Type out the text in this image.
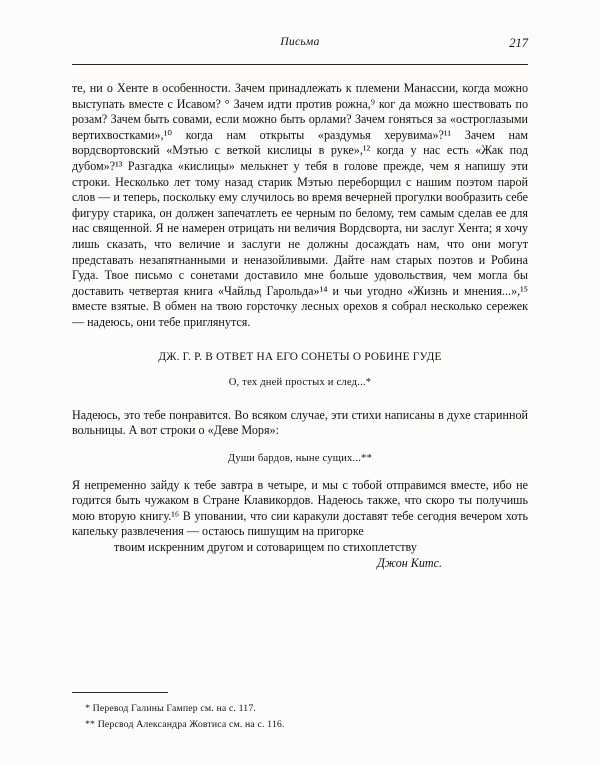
Письма	217

те, ни о Хенте в особенности. Зачем принадлежать к племени Манассии, когда можно выступать вместе с Исавом? ° Зачем идти против рожна,⁹ ког да можно шествовать по розам? Зачем быть совами, если можно быть орлами? Зачем гоняться за «остроглазыми вертихвостками»,¹⁰ когда нам открыты «раздумья херувима»?¹¹ Зачем нам вордсвортовский «Мэтью с веткой кислицы в руке»,¹² когда у нас есть «Жак под дубом»?¹³ Разгадка «кислицы» мелькнет у тебя в голове прежде, чем я напишу эти строки. Несколько лет тому назад старик Мэтью переборщил с нашим поэтом парой слов — и теперь, поскольку ему случилось во время вечерней прогулки вообразить себе фигуру старика, он должен запечатлеть ее черным по белому, тем самым сделав ее для нас священной. Я не намерен отрицать ни величия Вордсворта, ни заслуг Хента; я хочу лишь сказать, что величие и заслуги не должны досаждать нам, что они могут представать незапятнанными и неназойливыми. Дайте нам старых поэтов и Робина Гуда. Твое письмо с сонетами доставило мне больше удовольствия, чем могла бы доставить четвертая книга «Чайльд Гарольда»¹⁴ и чьи угодно «Жизнь и мнения...»,¹⁵ вместе взятые. В обмен на твою горсточку лесных орехов я собрал несколько сережек — надеюсь, они тебе приглянутся.

ДЖ. Г. Р. В ОТВЕТ НА ЕГО СОНЕТЫ О РОБИНЕ ГУДЕ

О, тех дней простых и след...*

Надеюсь, это тебе понравится. Во всяком случае, эти стихи написаны в духе старинной вольницы. А вот строки о «Деве Моря»:

Души бардов, ныне сущих...**

Я непременно зайду к тебе завтра в четыре, и мы с тобой отправимся вместе, ибо не годится быть чужаком в Стране Клавикордов. Надеюсь также, что скоро ты получишь мою вторую книгу.¹⁶ В уповании, что сии каракули доставят тебе сегодня вечером хоть капельку развлечения — остаюсь пишущим на пригорке

твоим искренним другом и сотоварищем по стихоплетству

Джон Китс.

* Перевод Галины Гампер см. на с. 117.

** Персвод Александра Жовтиса см. на с. 116.
